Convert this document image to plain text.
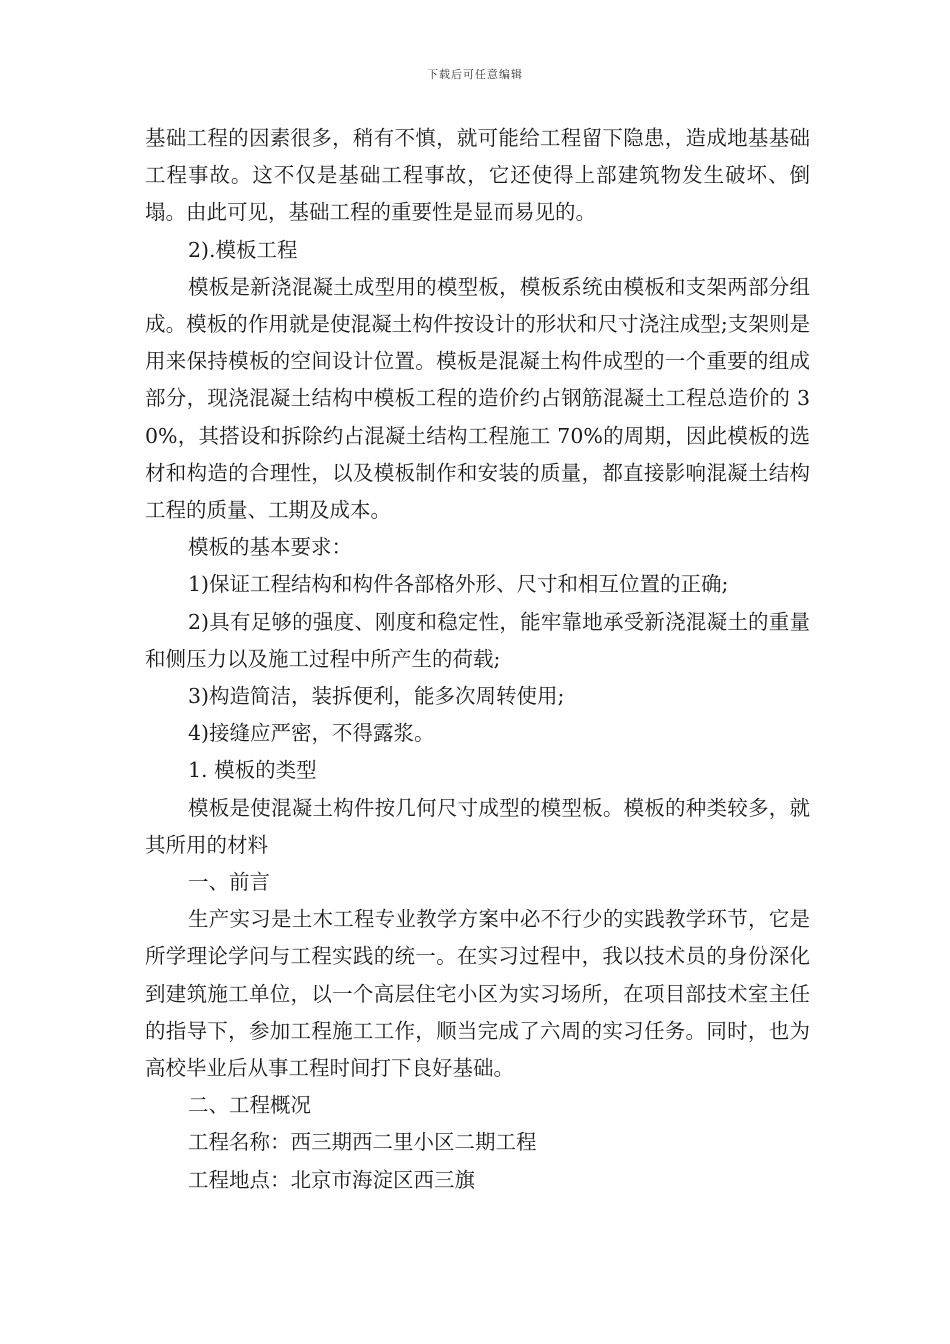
下载后可任意编辑

基础工程的因素很多，稍有不慎，就可能给工程留下隐患，造成地基基础工程事故。这不仅是基础工程事故，它还使得上部建筑物发生破坏、倒塌。由此可见，基础工程的重要性是显而易见的。

2).模板工程

模板是新浇混凝土成型用的模型板，模板系统由模板和支架两部分组成。模板的作用就是使混凝土构件按设计的形状和尺寸浇注成型;支架则是用来保持模板的空间设计位置。模板是混凝土构件成型的一个重要的组成部分，现浇混凝土结构中模板工程的造价约占钢筋混凝土工程总造价的 30%，其搭设和拆除约占混凝土结构工程施工 70%的周期，因此模板的选材和构造的合理性，以及模板制作和安装的质量，都直接影响混凝土结构工程的质量、工期及成本。

模板的基本要求：

1)保证工程结构和构件各部格外形、尺寸和相互位置的正确;

2)具有足够的强度、刚度和稳定性，能牢靠地承受新浇混凝土的重量和侧压力以及施工过程中所产生的荷载;

3)构造简洁，装拆便利，能多次周转使用;

4)接缝应严密，不得露浆。

1. 模板的类型

模板是使混凝土构件按几何尺寸成型的模型板。模板的种类较多，就其所用的材料

一、前言

生产实习是土木工程专业教学方案中必不行少的实践教学环节，它是所学理论学问与工程实践的统一。在实习过程中，我以技术员的身份深化到建筑施工单位，以一个高层住宅小区为实习场所，在项目部技术室主任的指导下，参加工程施工工作，顺当完成了六周的实习任务。同时，也为高校毕业后从事工程时间打下良好基础。

二、工程概况

工程名称：西三期西二里小区二期工程

工程地点：北京市海淀区西三旗
